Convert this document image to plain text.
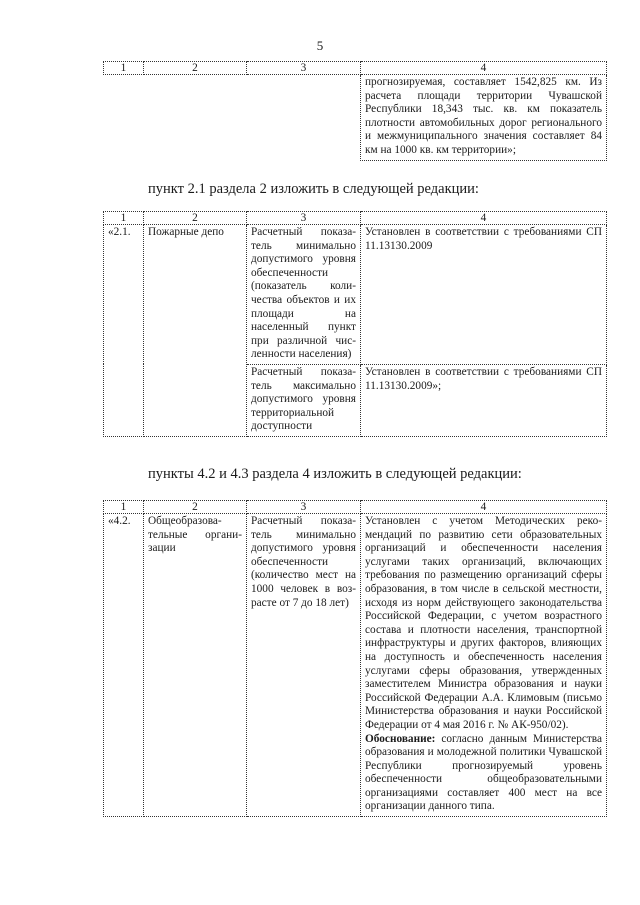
5
1	2	3	4
			прогнозируемая, составляет 1542,825 км. Из расчета площади территории Чувашской Республики 18,343 тыс. кв. км показатель плотности автомобильных дорог регионального и межмуниципального значения составляет 84 км на 1000 кв. км территории»;
пункт 2.1 раздела 2 изложить в следующей редакции:
1	2	3	4
«2.1.	Пожарные депо	Расчетный показатель минимально допустимого уровня обеспеченности (показатель количества объектов и их площади на населенный пункт при различной численности населения)	Установлен в соответствии с требованиями СП 11.13130.2009
		Расчетный показатель максимально допустимого уровня территориальной доступности	Установлен в соответствии с требованиями СП 11.13130.2009»;
пункты 4.2 и 4.3 раздела 4 изложить в следующей редакции:
1	2	3	4
«4.2.	Общеобразовательные организации	Расчетный показатель минимально допустимого уровня обеспеченности (количество мест на 1000 человек в возрасте от 7 до 18 лет)	Установлен с учетом Методических рекомендаций по развитию сети образовательных организаций и обеспеченности населения услугами таких организаций, включающих требования по размещению организаций сферы образования, в том числе в сельской местности, исходя из норм действующего законодательства Российской Федерации, с учетом возрастного состава и плотности населения, транспортной инфраструктуры и других факторов, влияющих на доступность и обеспеченность населения услугами сферы образования, утвержденных заместителем Министра образования и науки Российской Федерации А.А. Климовым (письмо Министерства образования и науки Российской Федерации от 4 мая 2016 г. № АК-950/02).
Обоснование: согласно данным Министерства образования и молодежной политики Чувашской Республики прогнозируемый уровень обеспеченности общеобразовательными организациями составляет 400 мест на все организации данного типа.
